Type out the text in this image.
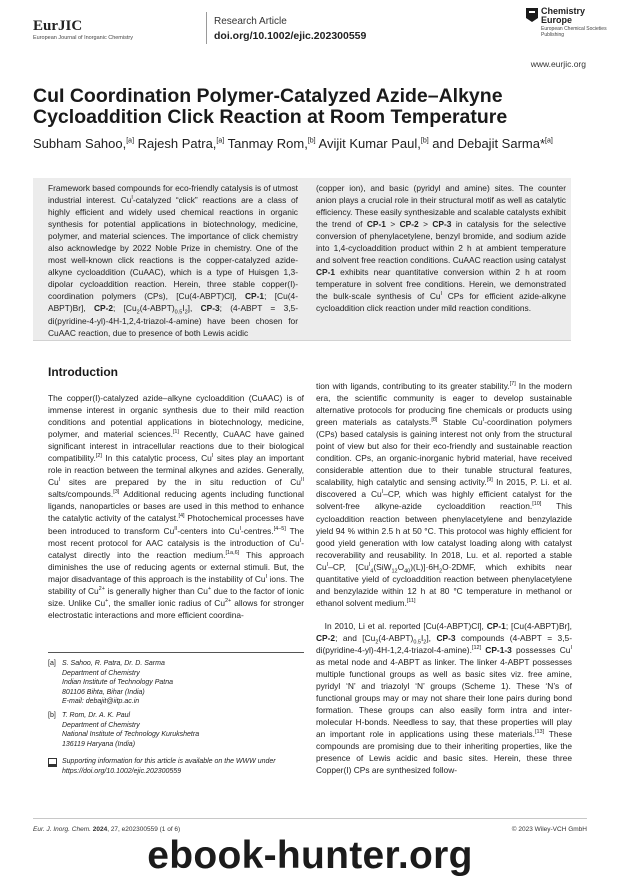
EurJIC
European Journal of Inorganic Chemistry
Research Article
doi.org/10.1002/ejic.202300559
Chemistry Europe
European Chemical Societies Publishing
www.eurjic.org
CuI Coordination Polymer-Catalyzed Azide–Alkyne Cycloaddition Click Reaction at Room Temperature
Subham Sahoo,[a] Rajesh Patra,[a] Tanmay Rom,[b] Avijit Kumar Paul,[b] and Debajit Sarma*[a]
Framework based compounds for eco-friendly catalysis is of utmost industrial interest. $Cu^I$-catalyzed “click” reactions are a class of highly efficient and widely used chemical reactions in organic synthesis for potential applications in biotechnology, medicine, polymer, and material sciences. The importance of click chemistry also acknowledge by 2022 Noble Prize in chemistry. One of the most well-known click reactions is the copper-catalyzed azide-alkyne cycloaddition (CuAAC), which is a type of Huisgen 1,3-dipolar cycloaddition reaction. Herein, three stable copper(I)-coordination polymers (CPs), [Cu(4-ABPT)Cl], CP-1; [Cu(4-ABPT)Br], CP-2; $[Cu_2(4-ABPT)_{0.5}I_2]$, CP-3; (4-ABPT = 3,5-di(pyridine-4-yl)-4H-1,2,4-triazol-4-amine) have been chosen for CuAAC reaction, due to presence of both Lewis acidic
(copper ion), and basic (pyridyl and amine) sites. The counter anion plays a crucial role in their structural motif as well as catalytic efficiency. These easily synthesizable and scalable catalysts exhibit the trend of CP-1 > CP-2 > CP-3 in catalysis for the selective conversion of phenylacetylene, benzyl bromide, and sodium azide into 1,4-cycloaddition product within 2 h at ambient temperature and solvent free reaction conditions. CuAAC reaction using catalyst CP-1 exhibits near quantitative conversion within 2 h at room temperature in solvent free conditions. Herein, we demonstrated the bulk-scale synthesis of $Cu^I$ CPs for efficient azide-alkyne cycloaddition click reaction under mild reaction conditions.
Introduction
The copper(I)-catalyzed azide–alkyne cycloaddition (CuAAC) is of immense interest in organic synthesis due to their mild reaction conditions and potential applications in biotechnology, medicine, polymer, and material sciences.[1] Recently, CuAAC have gained significant interest in intracellular reactions due to their biological compatibility.[2] In this catalytic process, $Cu^I$ sites play an important role in reaction between the terminal alkynes and azides. Generally, $Cu^I$ sites are prepared by the in situ reduction of $Cu^{II}$ salts/compounds.[3] Additional reducing agents including functional ligands, nanoparticles or bases are used in this method to enhance the catalytic activity of the catalyst.[4] Photochemical processes have been introduced to transform $Cu^{II}$-centers into $Cu^I-centres.[4-5]$ The most recent protocol for AAC catalysis is the introduction of $Cu^I$-catalyst directly into the reaction medium.[1a,6] This approach diminishes the use of reducing agents or external stimuli. But, the major disadvantage of this approach is the instability of $Cu^I$ ions. The stability of $Cu^{2+}$ is generally higher than Cu+ due to the factor of ionic size. Unlike Cu+, the smaller ionic radius of $Cu^{2+}$ allows for stronger electrostatic interactions and more efficient coordina-
tion with ligands, contributing to its greater stability.[7] In the modern era, the scientific community is eager to develop sustainable alternative protocols for producing fine chemicals or products using green materials as catalysts.[8] Stable $Cu^I$-coordination polymers (CPs) based catalysis is gaining interest not only from the structural point of view but also for their eco-friendly and sustainable reaction condition. CPs, an organic-inorganic hybrid material, have received considerable attention due to their tunable structural features, scalability, high catalytic and sensing activity.[9] In 2015, P. Li. et al. discovered a $Cu^I-CP$, which was highly efficient catalyst for the solvent-free alkyne-azide cycloaddition reaction.[10] This cycloaddition reaction between phenylacetylene and benzylazide yield 94 % within 2.5 h at 50 °C. This protocol was highly efficient for good yield generation with low catalyst loading along with catalyst recoverability and reusability. In 2018, Lu. et al. reported a stable $Cu^I-CP$, $[Cu^I_4(SiW_{12}O_{40})(L)]\cdot 6H_2O\cdot 2DMF$, which exhibits near quantitative yield of cycloaddition reaction between phenylacetylene and benzylazide within 12 h at 80 °C temperature in methanol or ethanol solvent medium.[11]
In 2010, Li et al. reported [Cu(4-ABPT)Cl], CP-1; [Cu(4-ABPT)Br], CP-2; and $[Cu_2(4-ABPT)_{0.5}I_2]$, CP-3 compounds (4-ABPT = 3,5-di(pyridine-4-yl)-4H-1,2,4-triazol-4-amine).[12] CP-1-3 possesses $Cu^I$ as metal node and 4-ABPT as linker. The linker 4-ABPT possesses multiple functional groups as well as basic sites viz. free amine, pyridyl ‘N’ and triazolyl ‘N’ groups (Scheme 1). These ‘N’s of functional groups may or may not share their lone pairs during bond formation. These groups can also easily form intra and inter-molecular H-bonds. Needless to say, that these properties will play an important role in applications using these materials.[13] These compounds are promising due to their inheriting properties, like the presence of Lewis acidic and basic sites. Herein, these three Copper(I) CPs are synthesized follow-
[a] S. Sahoo, R. Patra, Dr. D. Sarma
Department of Chemistry
Indian Institute of Technology Patna
801106 Bihta, Bihar (India)
E-mail: debajit@iitp.ac.in
[b] T. Rom, Dr. A. K. Paul
Department of Chemistry
National Institute of Technology Kurukshetra
136119 Haryana (India)
Supporting information for this article is available on the WWW under https://doi.org/10.1002/ejic.202300559
Eur. J. Inorg. Chem. 2024, 27, e202300559 (1 of 6)	© 2023 Wiley-VCH GmbH
ebook-hunter.org
